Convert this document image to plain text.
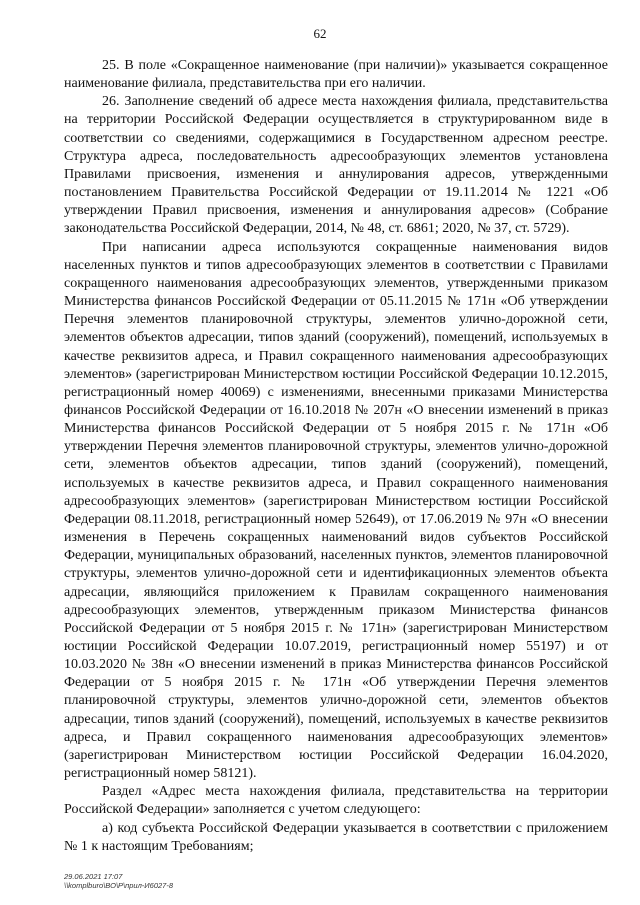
62

25. В поле «Сокращенное наименование (при наличии)» указывается сокращенное наименование филиала, представительства при его наличии.

26. Заполнение сведений об адресе места нахождения филиала, представительства на территории Российской Федерации осуществляется в структурированном виде в соответствии со сведениями, содержащимися в Государственном адресном реестре. Структура адреса, последовательность адресообразующих элементов установлена Правилами присвоения, изменения и аннулирования адресов, утвержденными постановлением Правительства Российской Федерации от 19.11.2014 № 1221 «Об утверждении Правил присвоения, изменения и аннулирования адресов» (Собрание законодательства Российской Федерации, 2014, № 48, ст. 6861; 2020, № 37, ст. 5729).

При написании адреса используются сокращенные наименования видов населенных пунктов и типов адресообразующих элементов в соответствии с Правилами сокращенного наименования адресообразующих элементов, утвержденными приказом Министерства финансов Российской Федерации от 05.11.2015 № 171н «Об утверждении Перечня элементов планировочной структуры, элементов улично-дорожной сети, элементов объектов адресации, типов зданий (сооружений), помещений, используемых в качестве реквизитов адреса, и Правил сокращенного наименования адресообразующих элементов» (зарегистрирован Министерством юстиции Российской Федерации 10.12.2015, регистрационный номер 40069) с изменениями, внесенными приказами Министерства финансов Российской Федерации от 16.10.2018 № 207н «О внесении изменений в приказ Министерства финансов Российской Федерации от 5 ноября 2015 г. № 171н «Об утверждении Перечня элементов планировочной структуры, элементов улично-дорожной сети, элементов объектов адресации, типов зданий (сооружений), помещений, используемых в качестве реквизитов адреса, и Правил сокращенного наименования адресообразующих элементов» (зарегистрирован Министерством юстиции Российской Федерации 08.11.2018, регистрационный номер 52649), от 17.06.2019 № 97н «О внесении изменения в Перечень сокращенных наименований видов субъектов Российской Федерации, муниципальных образований, населенных пунктов, элементов планировочной структуры, элементов улично-дорожной сети и идентификационных элементов объекта адресации, являющийся приложением к Правилам сокращенного наименования адресообразующих элементов, утвержденным приказом Министерства финансов Российской Федерации от 5 ноября 2015 г. № 171н» (зарегистрирован Министерством юстиции Российской Федерации 10.07.2019, регистрационный номер 55197) и от 10.03.2020 № 38н «О внесении изменений в приказ Министерства финансов Российской Федерации от 5 ноября 2015 г. № 171н «Об утверждении Перечня элементов планировочной структуры, элементов улично-дорожной сети, элементов объектов адресации, типов зданий (сооружений), помещений, используемых в качестве реквизитов адреса, и Правил сокращенного наименования адресообразующих элементов» (зарегистрирован Министерством юстиции Российской Федерации 16.04.2020, регистрационный номер 58121).

Раздел «Адрес места нахождения филиала, представительства на территории Российской Федерации» заполняется с учетом следующего:

а) код субъекта Российской Федерации указывается в соответствии с приложением № 1 к настоящим Требованиям;

29.06.2021 17:07
\\komplburo\ВО\Р\прил-И6027-8
